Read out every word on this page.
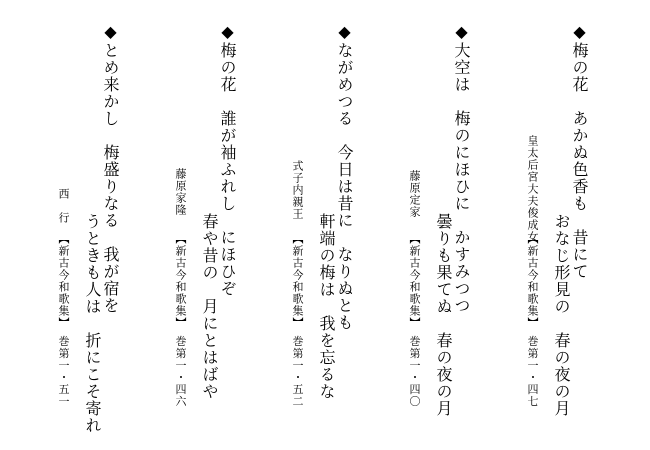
◆梅の花　あかぬ色香も　昔にて
おなじ形見の　春の夜の月
皇太后宮大夫俊成女
【新古今和歌集】　巻第一・四七
◆大空は　梅のにほひに　かすみつつ
曇りも果てぬ　春の夜の月
藤原定家
【新古今和歌集】　巻第一・四〇
◆ながめつる　今日は昔に　なりぬとも
軒端の梅は　我を忘るな
式子内親王
【新古今和歌集】　巻第一・五二
◆梅の花　誰が袖ふれし　にほひぞ
春や昔の　月にとはばや
藤原家隆
【新古今和歌集】　巻第一・四六
◆とめ来かし　梅盛りなる　我が宿を
うときも人は　折にこそ寄れ
西　行
【新古今和歌集】　巻第一・五一
